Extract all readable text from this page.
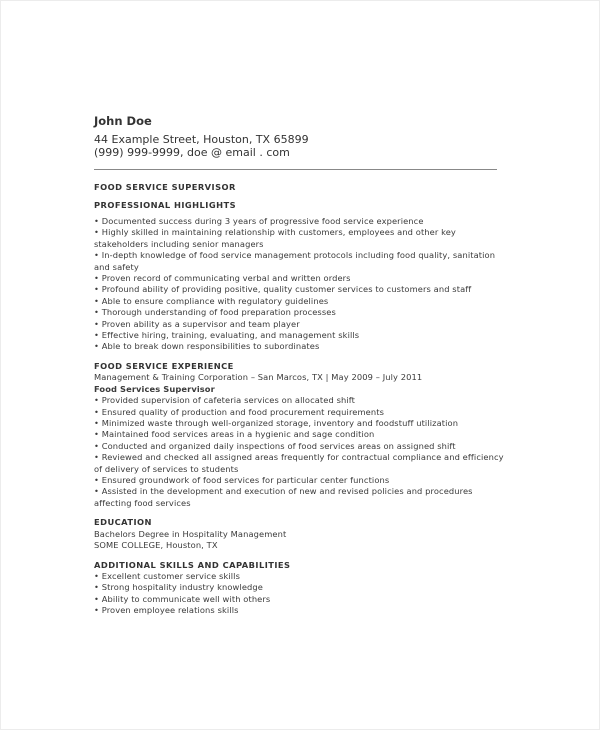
John Doe

44 Example Street, Houston, TX 65899
(999) 999-9999, doe @ email . com
FOOD SERVICE SUPERVISOR
PROFESSIONAL HIGHLIGHTS
• Documented success during 3 years of progressive food service experience
• Highly skilled in maintaining relationship with customers, employees and other key stakeholders including senior managers
• In-depth knowledge of food service management protocols including food quality, sanitation and safety
• Proven record of communicating verbal and written orders
• Profound ability of providing positive, quality customer services to customers and staff
• Able to ensure compliance with regulatory guidelines
• Thorough understanding of food preparation processes
• Proven ability as a supervisor and team player
• Effective hiring, training, evaluating, and management skills
• Able to break down responsibilities to subordinates
FOOD SERVICE EXPERIENCE
Management & Training Corporation – San Marcos, TX | May 2009 – July 2011
Food Services Supervisor
• Provided supervision of cafeteria services on allocated shift
• Ensured quality of production and food procurement requirements
• Minimized waste through well-organized storage, inventory and foodstuff utilization
• Maintained food services areas in a hygienic and sage condition
• Conducted and organized daily inspections of food services areas on assigned shift
• Reviewed and checked all assigned areas frequently for contractual compliance and efficiency of delivery of services to students
• Ensured groundwork of food services for particular center functions
• Assisted in the development and execution of new and revised policies and procedures affecting food services
EDUCATION
Bachelors Degree in Hospitality Management
SOME COLLEGE, Houston, TX
ADDITIONAL SKILLS AND CAPABILITIES
• Excellent customer service skills
• Strong hospitality industry knowledge
• Ability to communicate well with others
• Proven employee relations skills
